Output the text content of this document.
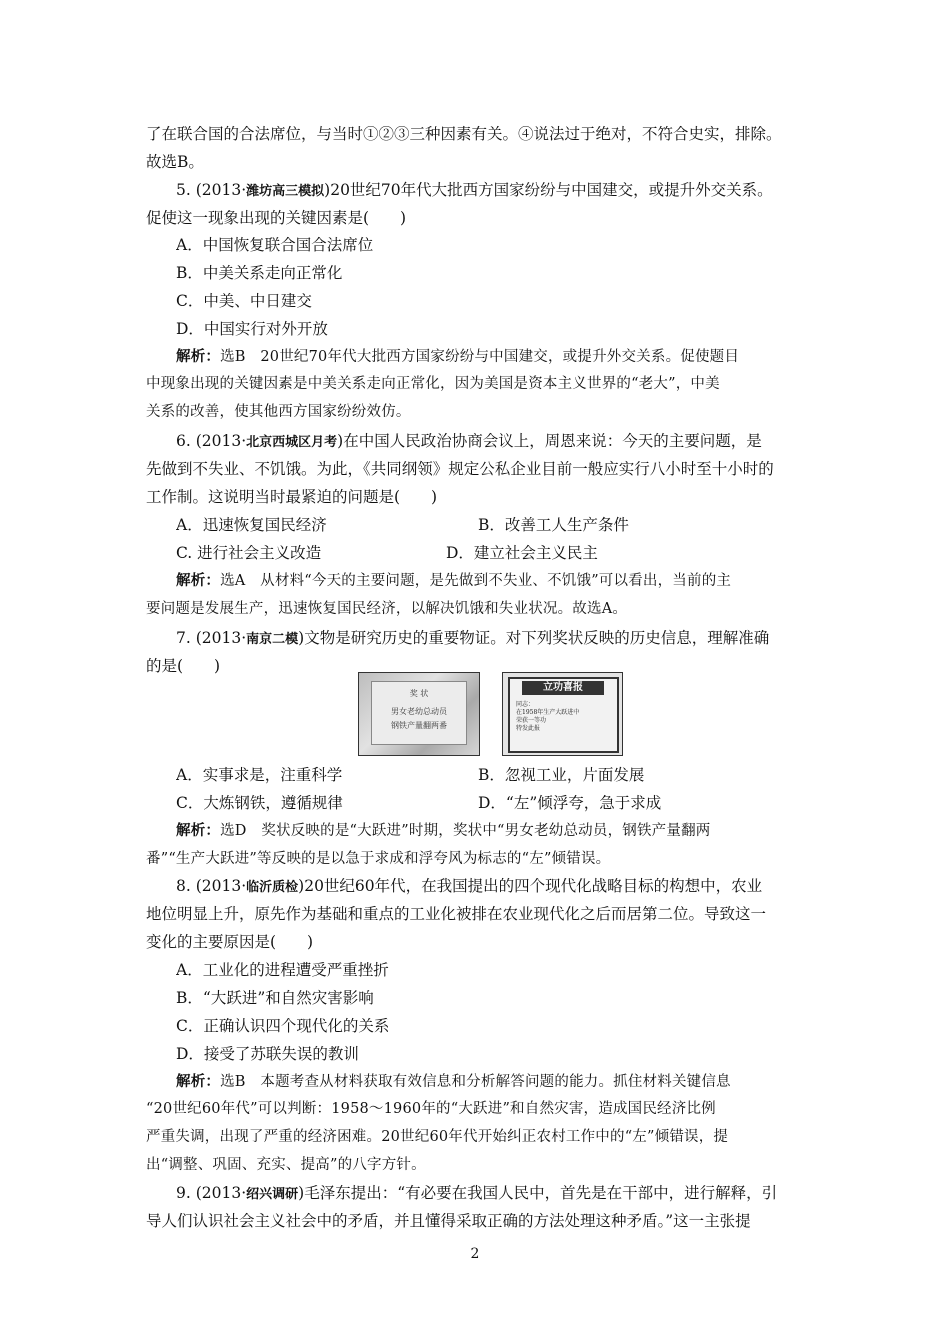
了在联合国的合法席位，与当时①②③三种因素有关。④说法过于绝对，不符合史实，排除。
故选B。
5. (2013·潍坊高三模拟)20世纪70年代大批西方国家纷纷与中国建交，或提升外交关系。
促使这一现象出现的关键因素是(　　)
A．中国恢复联合国合法席位
B．中美关系走向正常化
C．中美、中日建交
D．中国实行对外开放
解析：选B　20世纪70年代大批西方国家纷纷与中国建交，或提升外交关系。促使题目
中现象出现的关键因素是中美关系走向正常化，因为美国是资本主义世界的“老大”，中美
关系的改善，使其他西方国家纷纷效仿。
6. (2013·北京西城区月考)在中国人民政治协商会议上，周恩来说：今天的主要问题，是
先做到不失业、不饥饿。为此，《共同纲领》规定公私企业目前一般应实行八小时至十小时的
工作制。这说明当时最紧迫的问题是(　　)
A．迅速恢复国民经济	B．改善工人生产条件
C. 进行社会主义改造	D．建立社会主义民主
解析：选A　从材料“今天的主要问题，是先做到不失业、不饥饿”可以看出，当前的主
要问题是发展生产，迅速恢复国民经济，以解决饥饿和失业状况。故选A。
7. (2013·南京二模)文物是研究历史的重要物证。对下列奖状反映的历史信息，理解准确
的是(　　)
奖 状
男女老幼总动员
钢铁产量翻两番
立功喜报
同志：
在1958年生产大跃进中
荣获一等功
特发此报
A．实事求是，注重科学	B．忽视工业，片面发展
C．大炼钢铁，遵循规律	D．“左”倾浮夸，急于求成
解析：选D　奖状反映的是“大跃进”时期，奖状中“男女老幼总动员，钢铁产量翻两
番”“生产大跃进”等反映的是以急于求成和浮夸风为标志的“左”倾错误。
8. (2013·临沂质检)20世纪60年代，在我国提出的四个现代化战略目标的构想中，农业
地位明显上升，原先作为基础和重点的工业化被排在农业现代化之后而居第二位。导致这一
变化的主要原因是(　　)
A．工业化的进程遭受严重挫折
B．“大跃进”和自然灾害影响
C．正确认识四个现代化的关系
D．接受了苏联失误的教训
解析：选B　本题考查从材料获取有效信息和分析解答问题的能力。抓住材料关键信息
“20世纪60年代”可以判断：1958～1960年的“大跃进”和自然灾害，造成国民经济比例
严重失调，出现了严重的经济困难。20世纪60年代开始纠正农村工作中的“左”倾错误，提
出“调整、巩固、充实、提高”的八字方针。
9. (2013·绍兴调研)毛泽东提出：“有必要在我国人民中，首先是在干部中，进行解释，引
导人们认识社会主义社会中的矛盾，并且懂得采取正确的方法处理这种矛盾。”这一主张提
2
